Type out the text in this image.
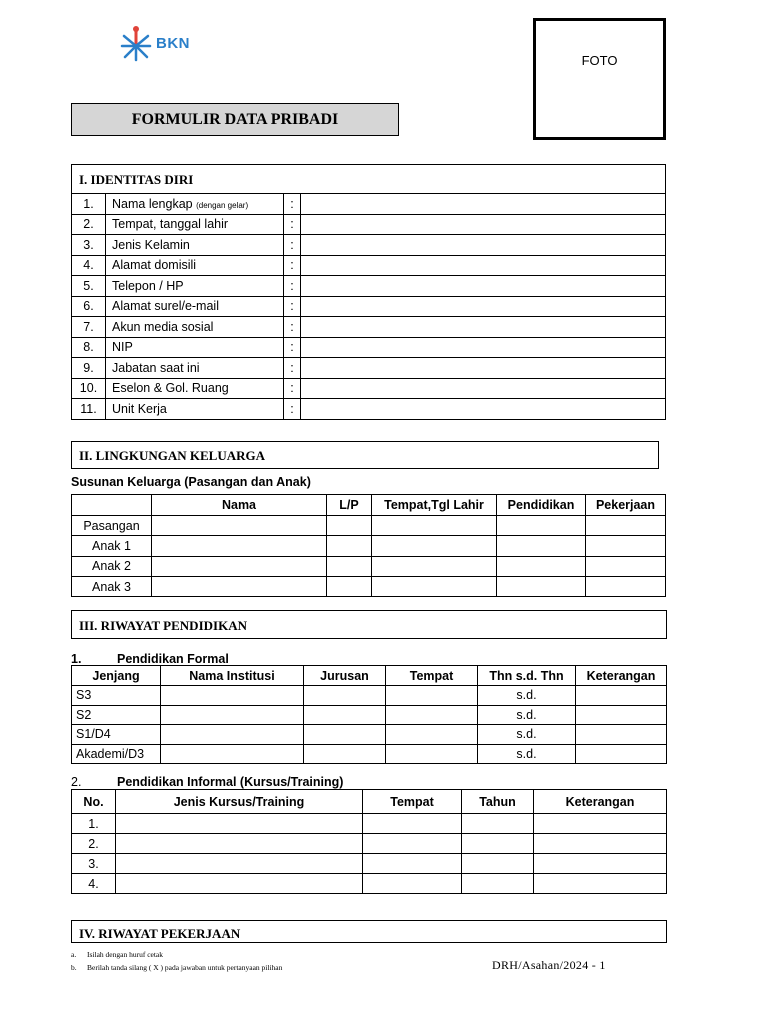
BKN
FOTO
FORMULIR DATA PRIBADI
I. IDENTITAS DIRI
1.	Nama lengkap (dengan gelar)	:	
2.	Tempat, tanggal lahir	:	
3.	Jenis Kelamin	:	
4.	Alamat domisili	:	
5.	Telepon / HP	:	
6.	Alamat surel/e-mail	:	
7.	Akun media sosial	:	
8.	NIP	:	
9.	Jabatan saat ini	:	
10.	Eselon & Gol. Ruang	:	
11.	Unit Kerja	:	
II. LINGKUNGAN KELUARGA
Susunan Keluarga (Pasangan dan Anak)
	Nama	L/P	Tempat,Tgl Lahir	Pendidikan	Pekerjaan
Pasangan					
Anak 1					
Anak 2					
Anak 3					
III. RIWAYAT PENDIDIKAN
1.	Pendidikan Formal
Jenjang	Nama Institusi	Jurusan	Tempat	Thn s.d. Thn	Keterangan
S3				s.d.	
S2				s.d.	
S1/D4				s.d.	
Akademi/D3				s.d.	
2.	Pendidikan Informal (Kursus/Training)
No.	Jenis Kursus/Training	Tempat	Tahun	Keterangan
1.				
2.				
3.				
4.				
IV. RIWAYAT PEKERJAAN
a. Isilah dengan huruf cetak
b. Berilah tanda silang ( X ) pada jawaban untuk pertanyaan pilihan	DRH/Asahan/2024 - 1
